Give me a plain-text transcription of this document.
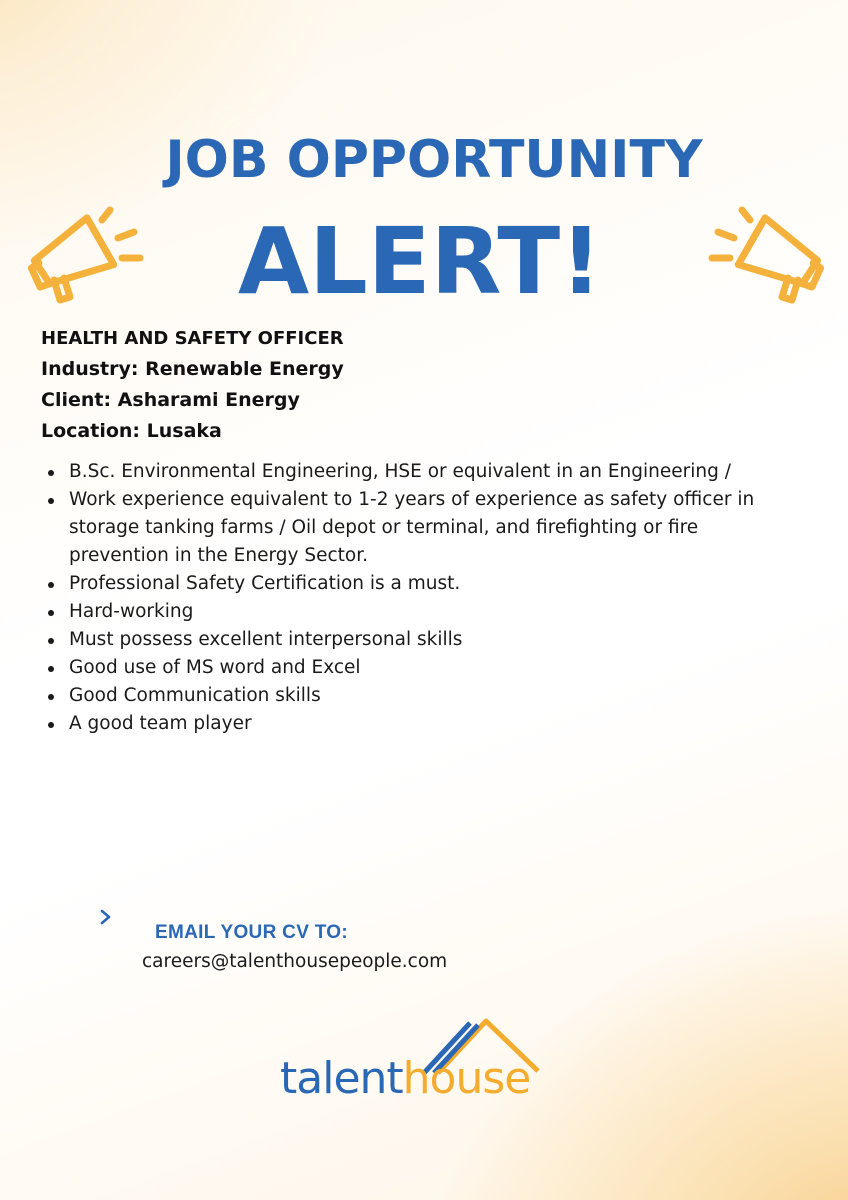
JOB OPPORTUNITY
ALERT!
HEALTH AND SAFETY OFFICER
Industry: Renewable Energy
Client: Asharami Energy
Location: Lusaka
B.Sc. Environmental Engineering, HSE or equivalent in an Engineering /
Work experience equivalent to 1-2 years of experience as safety officer in storage tanking farms / Oil depot or terminal, and firefighting or fire prevention in the Energy Sector.
Professional Safety Certification is a must.
Hard-working
Must possess excellent interpersonal skills
Good use of MS word and Excel
Good Communication skills
A good team player
EMAIL YOUR CV TO:
careers@talenthousepeople.com
talenthouse
